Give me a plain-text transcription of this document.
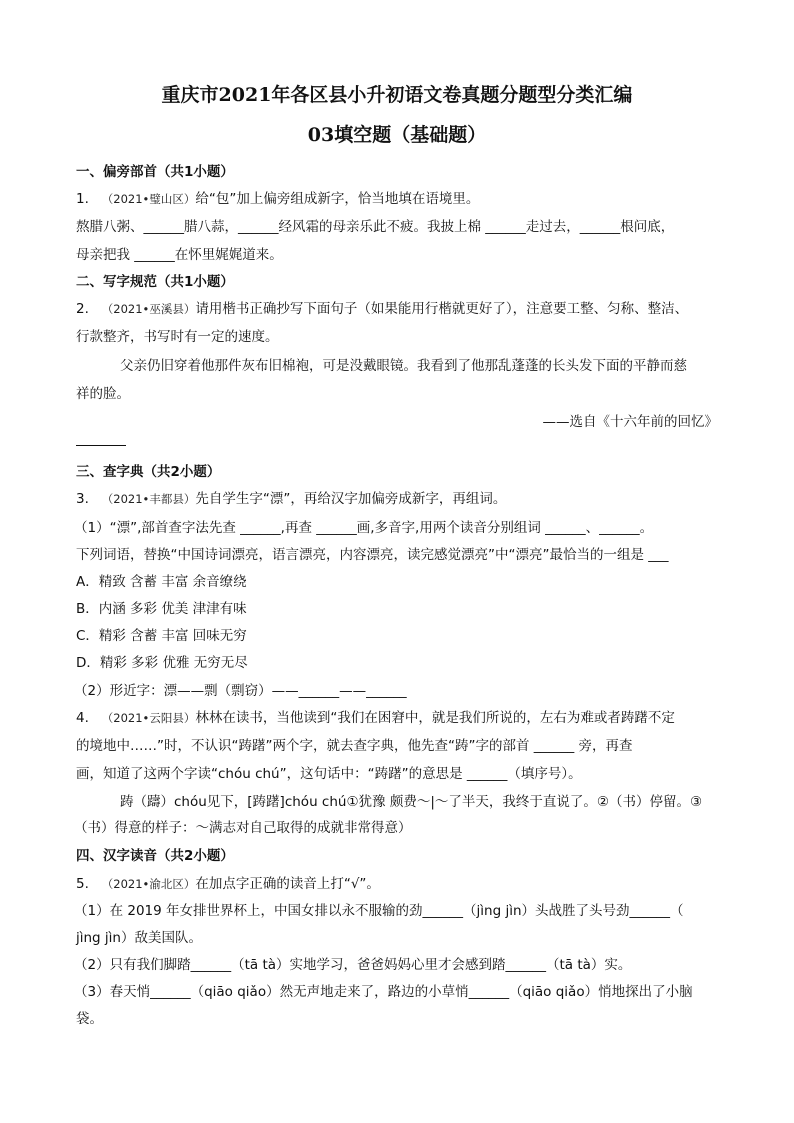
重庆市2021年各区县小升初语文卷真题分题型分类汇编
03填空题（基础题）
一、偏旁部首（共1小题）
1. （2021•璧山区）给“包”加上偏旁组成新字，恰当地填在语境里。
熬腊八粥、______腊八蒜，______经风霜的母亲乐此不疲。我披上棉 ______走过去，______根问底，
母亲把我 ______在怀里娓娓道来。
二、写字规范（共1小题）
2. （2021•巫溪县）请用楷书正确抄写下面句子（如果能用行楷就更好了），注意要工整、匀称、整洁、
行款整齐，书写时有一定的速度。
父亲仍旧穿着他那件灰布旧棉袍，可是没戴眼镜。我看到了他那乱蓬蓬的长头发下面的平静而慈
祥的脸。
——选自《十六年前的回忆》
三、查字典（共2小题）
3. （2021•丰都县）先自学生字“漂”，再给汉字加偏旁成新字，再组词。
（1）“漂”,部首查字法先查 ______,再查 ______画,多音字,用两个读音分别组词 ______、______。
下列词语，替换“中国诗词漂亮，语言漂亮，内容漂亮，读完感觉漂亮”中“漂亮”最恰当的一组是 ___
A．精致 含蓄 丰富 余音缭绕
B．内涵 多彩 优美 津津有味
C．精彩 含蓄 丰富 回味无穷
D．精彩 多彩 优雅 无穷无尽
（2）形近字：漂——剽（剽窃）——______——______
4. （2021•云阳县）林林在读书，当他读到“我们在困窘中，就是我们所说的，左右为难或者踌躇不定
的境地中……”时，不认识“踌躇”两个字，就去查字典，他先查“踌”字的部首 ______ 旁，再查
画，知道了这两个字读“chóu chú”，这句话中：“踌躇”的意思是 ______（填序号）。
踌（躊）chóu见下，[踌躇]chóu chú①犹豫 颇费～|～了半天，我终于直说了。②（书）停留。③
（书）得意的样子：～满志对自己取得的成就非常得意）
四、汉字读音（共2小题）
5. （2021•渝北区）在加点字正确的读音上打“√”。
（1）在 2019 年女排世界杯上，中国女排以永不服输的劲______（jìng jìn）头战胜了头号劲______（
jìng jìn）敌美国队。
（2）只有我们脚踏______（tā tà）实地学习，爸爸妈妈心里才会感到踏______（tā tà）实。
（3）春天悄______（qiāo qiǎo）然无声地走来了，路边的小草悄______（qiāo qiǎo）悄地探出了小脑
袋。
